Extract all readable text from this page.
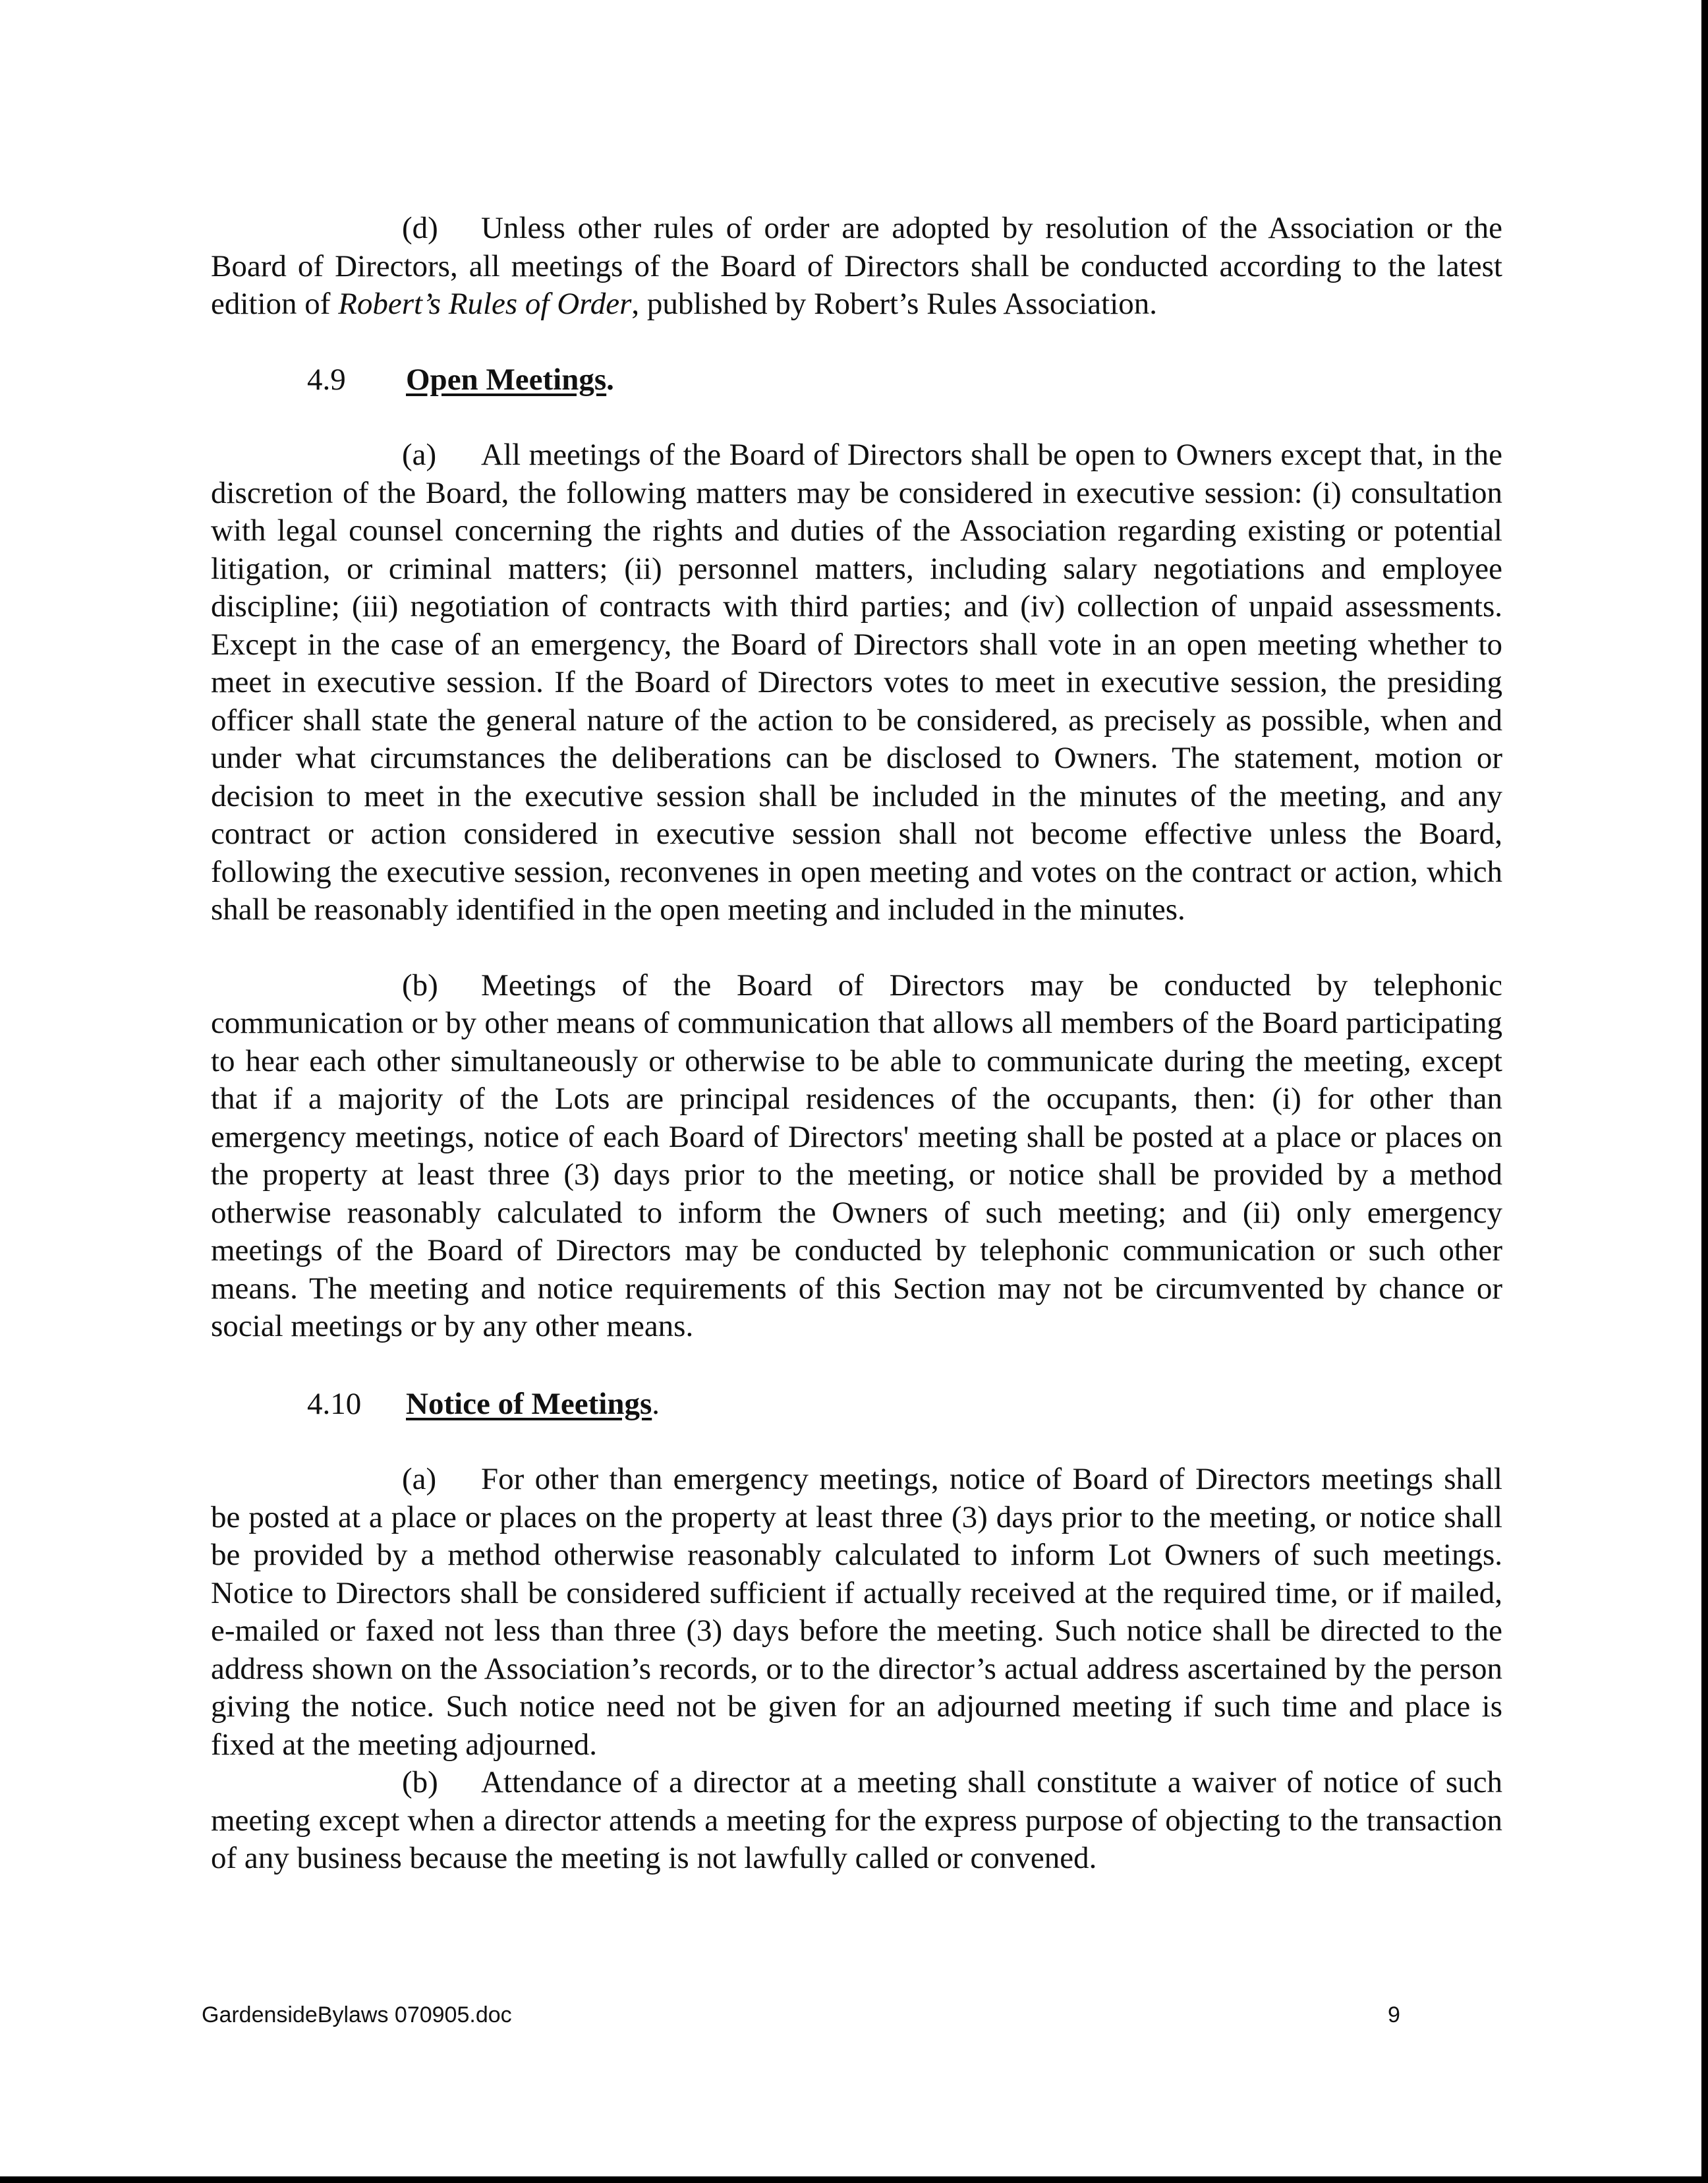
(d) Unless other rules of order are adopted by resolution of the Association or the Board of Directors, all meetings of the Board of Directors shall be conducted according to the latest edition of Robert’s Rules of Order, published by Robert’s Rules Association.

4.9 Open Meetings.

(a) All meetings of the Board of Directors shall be open to Owners except that, in the discretion of the Board, the following matters may be considered in executive session: (i) consultation with legal counsel concerning the rights and duties of the Association regarding existing or potential litigation, or criminal matters; (ii) personnel matters, including salary negotiations and employee discipline; (iii) negotiation of contracts with third parties; and (iv) collection of unpaid assessments. Except in the case of an emergency, the Board of Directors shall vote in an open meeting whether to meet in executive session. If the Board of Directors votes to meet in executive session, the presiding officer shall state the general nature of the action to be considered, as precisely as possible, when and under what circumstances the deliberations can be disclosed to Owners. The statement, motion or decision to meet in the executive session shall be included in the minutes of the meeting, and any contract or action considered in executive session shall not become effective unless the Board, following the executive session, reconvenes in open meeting and votes on the contract or action, which shall be reasonably identified in the open meeting and included in the minutes.

(b) Meetings of the Board of Directors may be conducted by telephonic communication or by other means of communication that allows all members of the Board participating to hear each other simultaneously or otherwise to be able to communicate during the meeting, except that if a majority of the Lots are principal residences of the occupants, then: (i) for other than emergency meetings, notice of each Board of Directors' meeting shall be posted at a place or places on the property at least three (3) days prior to the meeting, or notice shall be provided by a method otherwise reasonably calculated to inform the Owners of such meeting; and (ii) only emergency meetings of the Board of Directors may be conducted by telephonic communication or such other means. The meeting and notice requirements of this Section may not be circumvented by chance or social meetings or by any other means.

4.10 Notice of Meetings.

(a) For other than emergency meetings, notice of Board of Directors meetings shall be posted at a place or places on the property at least three (3) days prior to the meeting, or notice shall be provided by a method otherwise reasonably calculated to inform Lot Owners of such meetings. Notice to Directors shall be considered sufficient if actually received at the required time, or if mailed, e-mailed or faxed not less than three (3) days before the meeting. Such notice shall be directed to the address shown on the Association’s records, or to the director’s actual address ascertained by the person giving the notice. Such notice need not be given for an adjourned meeting if such time and place is fixed at the meeting adjourned.

(b) Attendance of a director at a meeting shall constitute a waiver of notice of such meeting except when a director attends a meeting for the express purpose of objecting to the transaction of any business because the meeting is not lawfully called or convened.

GardensideBylaws 070905.doc	9
